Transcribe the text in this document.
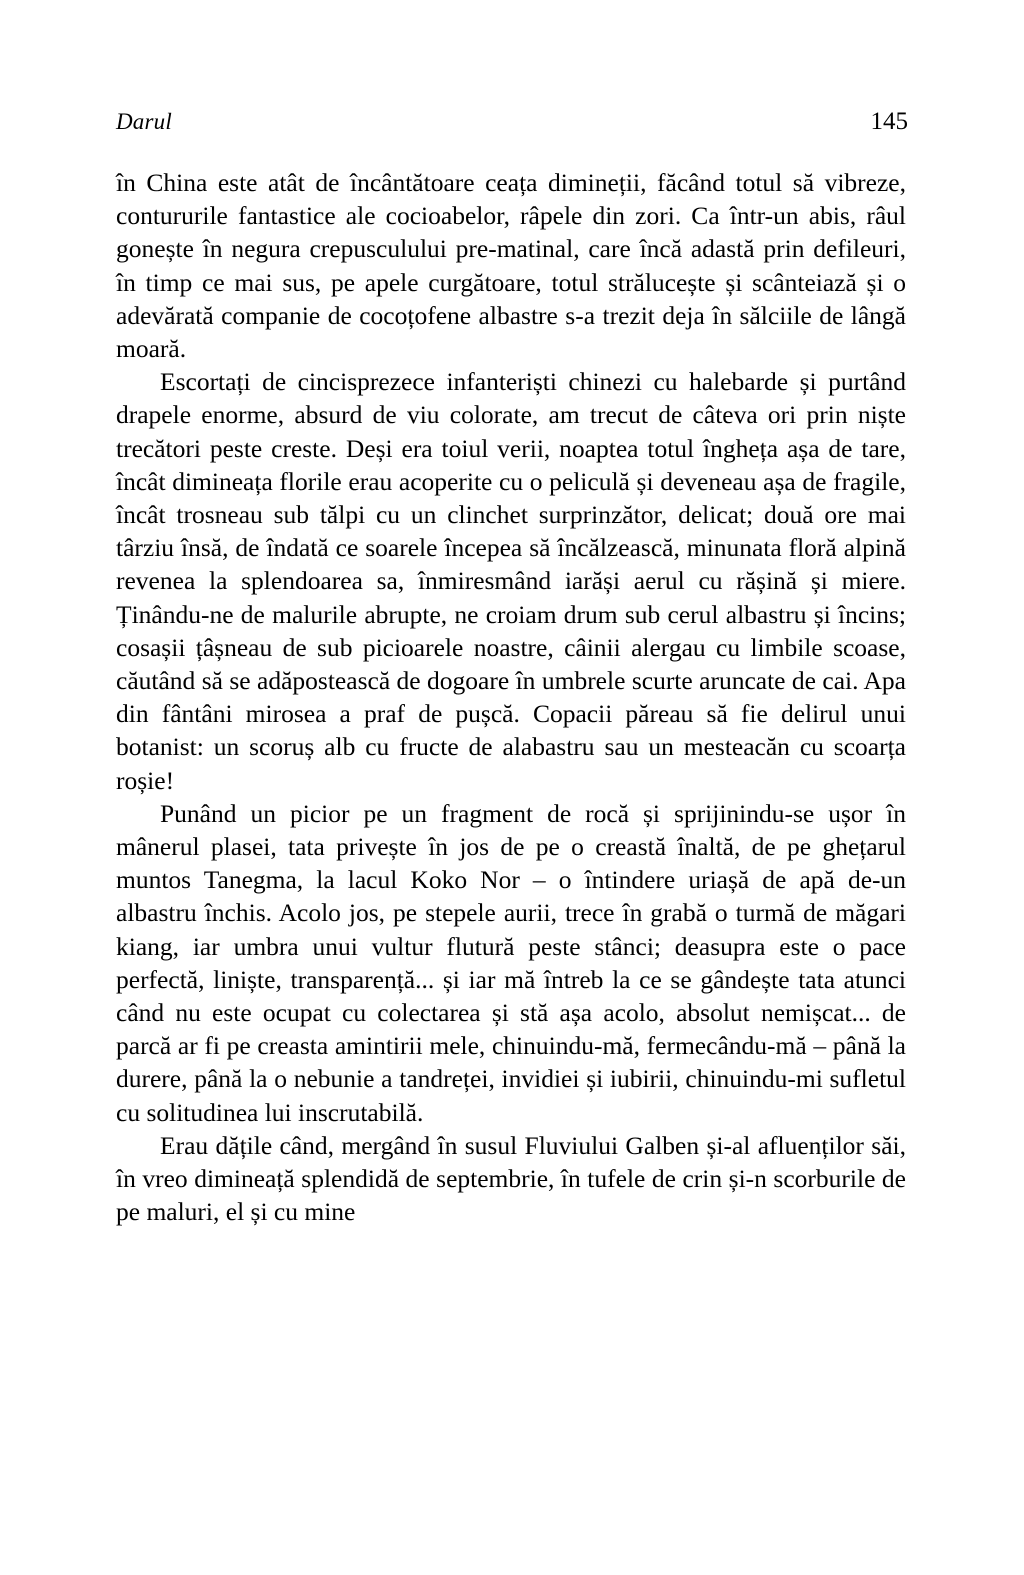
Darul	145

în China este atât de încântătoare ceața dimineții, făcând totul să vibreze, contururile fantastice ale cocioabelor, râpele din zori. Ca într-un abis, râul gonește în negura crepusculului pre-matinal, care încă adastă prin defileuri, în timp ce mai sus, pe apele curgătoare, totul strălucește și scânteiază și o adevărată companie de cocoțofene albastre s-a trezit deja în sălciile de lângă moară.

Escortați de cincisprezece infanteriști chinezi cu halebarde și purtând drapele enorme, absurd de viu colorate, am trecut de câteva ori prin niște trecători peste creste. Deși era toiul verii, noaptea totul îngheța așa de tare, încât dimineața florile erau acoperite cu o peliculă și deveneau așa de fragile, încât trosneau sub tălpi cu un clinchet surprinzător, delicat; două ore mai târziu însă, de îndată ce soarele începea să încălzească, minunata floră alpină revenea la splendoarea sa, înmiresmând iarăși aerul cu rășină și miere. Ținându-ne de malurile abrupte, ne croiam drum sub cerul albastru și încins; cosașii țâșneau de sub picioarele noastre, câinii alergau cu limbile scoase, căutând să se adăpostească de dogoare în umbrele scurte aruncate de cai. Apa din fântâni mirosea a praf de pușcă. Copacii păreau să fie delirul unui botanist: un scoruș alb cu fructe de alabastru sau un mesteacăn cu scoarța roșie!

Punând un picior pe un fragment de rocă și sprijinindu-se ușor în mânerul plasei, tata privește în jos de pe o creastă înaltă, de pe ghețarul muntos Tanegma, la lacul Koko Nor – o întindere uriașă de apă de-un albastru închis. Acolo jos, pe stepele aurii, trece în grabă o turmă de măgari kiang, iar umbra unui vultur flutură peste stânci; deasupra este o pace perfectă, liniște, transparență... și iar mă întreb la ce se gândește tata atunci când nu este ocupat cu colectarea și stă așa acolo, absolut nemișcat... de parcă ar fi pe creasta amintirii mele, chinuindu-mă, fermecându-mă – până la durere, până la o nebunie a tandreței, invidiei și iubirii, chinuindu-mi sufletul cu solitudinea lui inscrutabilă.

Erau dățile când, mergând în susul Fluviului Galben și-al afluenților săi, în vreo dimineață splendidă de septembrie, în tufele de crin și-n scorburile de pe maluri, el și cu mine
